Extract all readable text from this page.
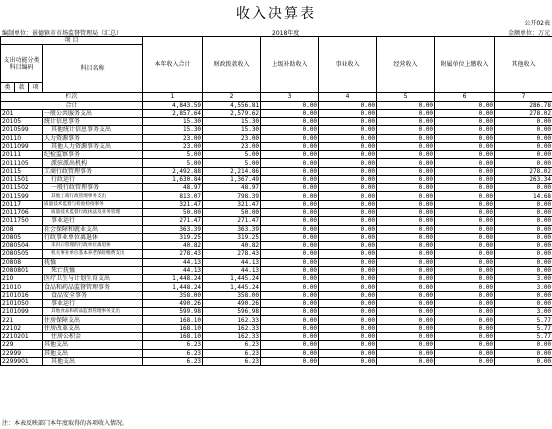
收入决算表
公开02表
编制单位：景德镇市市场监督管理局（汇总）	2018年度	金额单位：万元
项 目				本年收入合计	财政拨款收入	上级补助收入	事业收入	经营收入	附属单位上缴收入	其他收入
支出功能分类科目编码			科目名称							
类	款	项								
栏次				1	2	3	4	5	6	7
合计				4,843.59	4,556.81	0.00	0.00	0.00	0.00	286.78
201			一般公共服务支出	2,857.64	2,579.62	0.00	0.00	0.00	0.00	278.02
20105			统计信息事务	15.30	15.30	0.00	0.00	0.00	0.00	0.00
2010599			其他统计信息事务支出	15.30	15.30	0.00	0.00	0.00	0.00	0.00
20110			人力资源事务	23.00	23.00	0.00	0.00	0.00	0.00	0.00
2011099			其他人力资源事务支出	23.00	23.00	0.00	0.00	0.00	0.00	0.00
20111			纪检监察事务	5.00	5.00	0.00	0.00	0.00	0.00	0.00
2011105			派驻派出机构	5.00	5.00	0.00	0.00	0.00	0.00	0.00
20115			工商行政管理事务	2,492.88	2,214.86	0.00	0.00	0.00	0.00	278.02
2011501			行政运行	1,630.84	1,367.49	0.00	0.00	0.00	0.00	263.34
2011502			一般行政管理事务	48.97	48.97	0.00	0.00	0.00	0.00	0.00
2011599			其他工商行政管理事务支出	813.07	798.39	0.00	0.00	0.00	0.00	14.68
20117			质量技术监督与检验检疫事务	321.47	321.47	0.00	0.00	0.00	0.00	0.00
2011706			质量技术监督行政执法及业务管理	50.00	50.00	0.00	0.00	0.00	0.00	0.00
2011750			事业运行	271.47	271.47	0.00	0.00	0.00	0.00	0.00
208			社会保障和就业支出	363.39	363.39	0.00	0.00	0.00	0.00	0.00
20805			行政事业单位离退休	319.25	319.25	0.00	0.00	0.00	0.00	0.00
2080504			未归口管理的行政单位离退休	40.82	40.82	0.00	0.00	0.00	0.00	0.00
2080505			机关事业单位基本养老保险缴费支出	278.43	278.43	0.00	0.00	0.00	0.00	0.00
20808			抚恤	44.13	44.13	0.00	0.00	0.00	0.00	0.00
2080801			死亡抚恤	44.13	44.13	0.00	0.00	0.00	0.00	0.00
210			医疗卫生与计划生育支出	1,448.24	1,445.24	0.00	0.00	0.00	0.00	3.00
21010			食品和药品监督管理事务	1,448.24	1,445.24	0.00	0.00	0.00	0.00	3.00
2101016			食品安全事务	358.00	358.00	0.00	0.00	0.00	0.00	0.00
2101050			事业运行	490.26	490.26	0.00	0.00	0.00	0.00	0.00
2101099			其他食品和药品监督管理事务支出	599.98	596.98	0.00	0.00	0.00	0.00	3.00
221			住房保障支出	168.10	162.33	0.00	0.00	0.00	0.00	5.77
22102			住房改革支出	168.10	162.33	0.00	0.00	0.00	0.00	5.77
2210201			住房公积金	168.10	162.33	0.00	0.00	0.00	0.00	5.77
229			其他支出	6.23	6.23	0.00	0.00	0.00	0.00	0.00
22999			其他支出	6.23	6.23	0.00	0.00	0.00	0.00	0.00
2299901			其他支出	6.23	6.23	0.00	0.00	0.00	0.00	0.00
注：本表反映部门本年度取得的各项收入情况。
